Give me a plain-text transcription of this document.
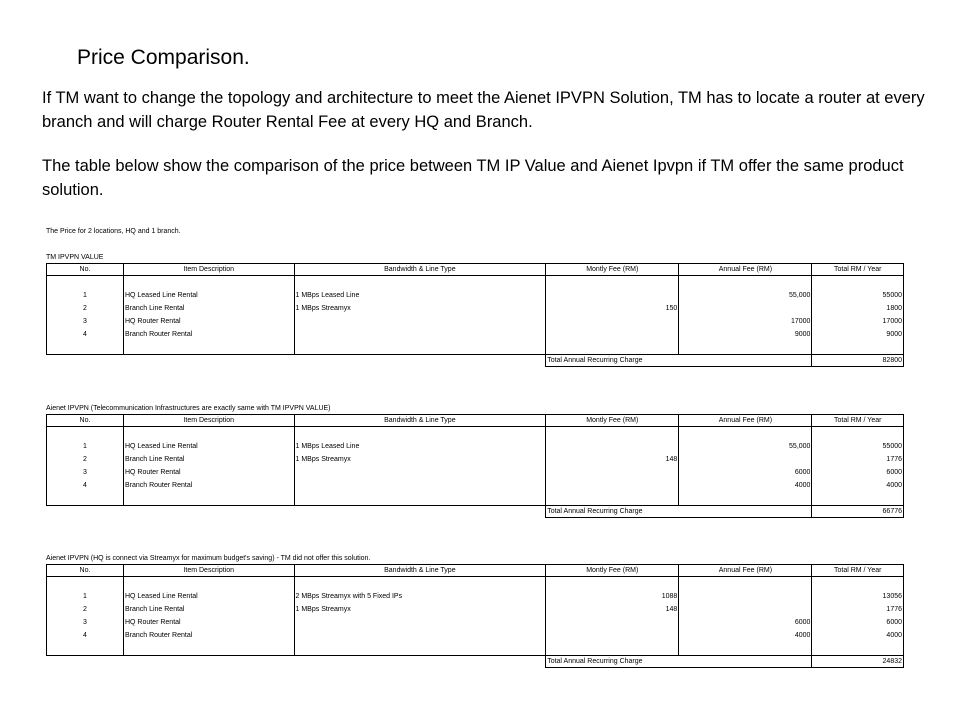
Price Comparison.
If TM want to change the topology and architecture to meet the Aienet IPVPN Solution, TM has to locate a router at every branch and will charge Router Rental Fee at every HQ and Branch.
The table below show the comparison of the price between TM IP Value and Aienet Ipvpn if TM offer the same product solution.
The Price for 2 locations, HQ and 1 branch.
TM IPVPN VALUE
No.	Item Description	Bandwidth & Line Type	Montly Fee (RM)	Annual Fee (RM)	Total RM / Year

1	HQ Leased Line Rental	1 MBps Leased Line		55,000	55000
2	Branch Line Rental	1 MBps Streamyx	150		1800
3	HQ Router Rental			17000	17000
4	Branch Router Rental			9000	9000

			Total Annual Recurring Charge		82800
Aienet IPVPN (Telecommunication Infrastructures are exactly same with TM IPVPN VALUE)
No.	Item Description	Bandwidth & Line Type	Montly Fee (RM)	Annual Fee (RM)	Total RM / Year

1	HQ Leased Line Rental	1 MBps Leased Line		55,000	55000
2	Branch Line Rental	1 MBps Streamyx	148		1776
3	HQ Router Rental			6000	6000
4	Branch Router Rental			4000	4000

			Total Annual Recurring Charge		66776
Aienet IPVPN (HQ is connect via Streamyx for maximum budget's saving) - TM did not offer this solution.
No.	Item Description	Bandwidth & Line Type	Montly Fee (RM)	Annual Fee (RM)	Total RM / Year

1	HQ Leased Line Rental	2 MBps Streamyx with 5 Fixed IPs	1088		13056
2	Branch Line Rental	1 MBps Streamyx	148		1776
3	HQ Router Rental			6000	6000
4	Branch Router Rental			4000	4000

			Total Annual Recurring Charge		24832
